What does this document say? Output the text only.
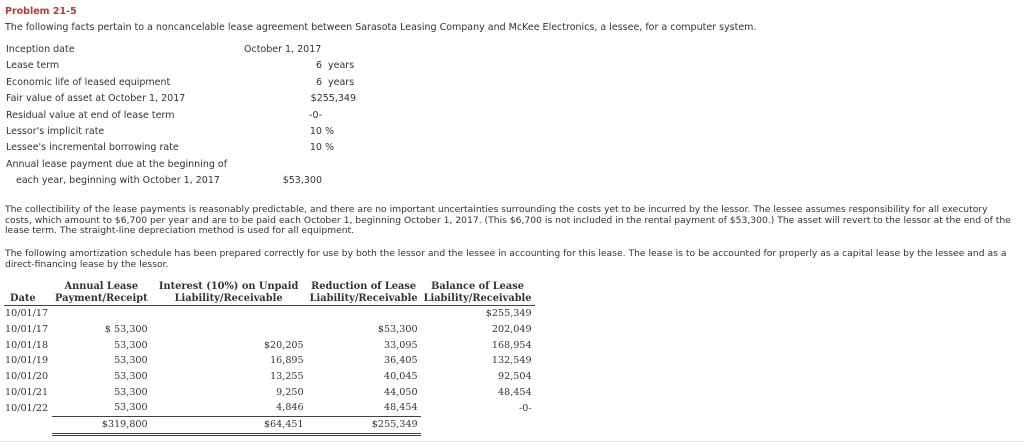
Problem 21-5
The following facts pertain to a noncancelable lease agreement between Sarasota Leasing Company and McKee Electronics, a lessee, for a computer system.
Inception date	October 1, 2017
Lease term	6 years
Economic life of leased equipment	6 years
Fair value of asset at October 1, 2017	$255,349
Residual value at end of lease term	-0-
Lessor's implicit rate	10 %
Lessee's incremental borrowing rate	10 %
Annual lease payment due at the beginning of
each year, beginning with October 1, 2017	$53,300
The collectibility of the lease payments is reasonably predictable, and there are no important uncertainties surrounding the costs yet to be incurred by the lessor. The lessee assumes responsibility for all executory costs, which amount to $6,700 per year and are to be paid each October 1, beginning October 1, 2017. (This $6,700 is not included in the rental payment of $53,300.) The asset will revert to the lessor at the end of the lease term. The straight-line depreciation method is used for all equipment.
The following amortization schedule has been prepared correctly for use by both the lessor and the lessee in accounting for this lease. The lease is to be accounted for properly as a capital lease by the lessee and as a direct-financing lease by the lessor.
	Annual Lease	Interest (10%) on Unpaid	Reduction of Lease	Balance of Lease
Date	Payment/Receipt	Liability/Receivable	Liability/Receivable	Liability/Receivable
10/01/17				$255,349
10/01/17	$ 53,300		$53,300	202,049
10/01/18	53,300	$20,205	33,095	168,954
10/01/19	53,300	16,895	36,405	132,549
10/01/20	53,300	13,255	40,045	92,504
10/01/21	53,300	9,250	44,050	48,454
10/01/22	53,300	4,846	48,454	-0-
	$319,800	$64,451	$255,349	
